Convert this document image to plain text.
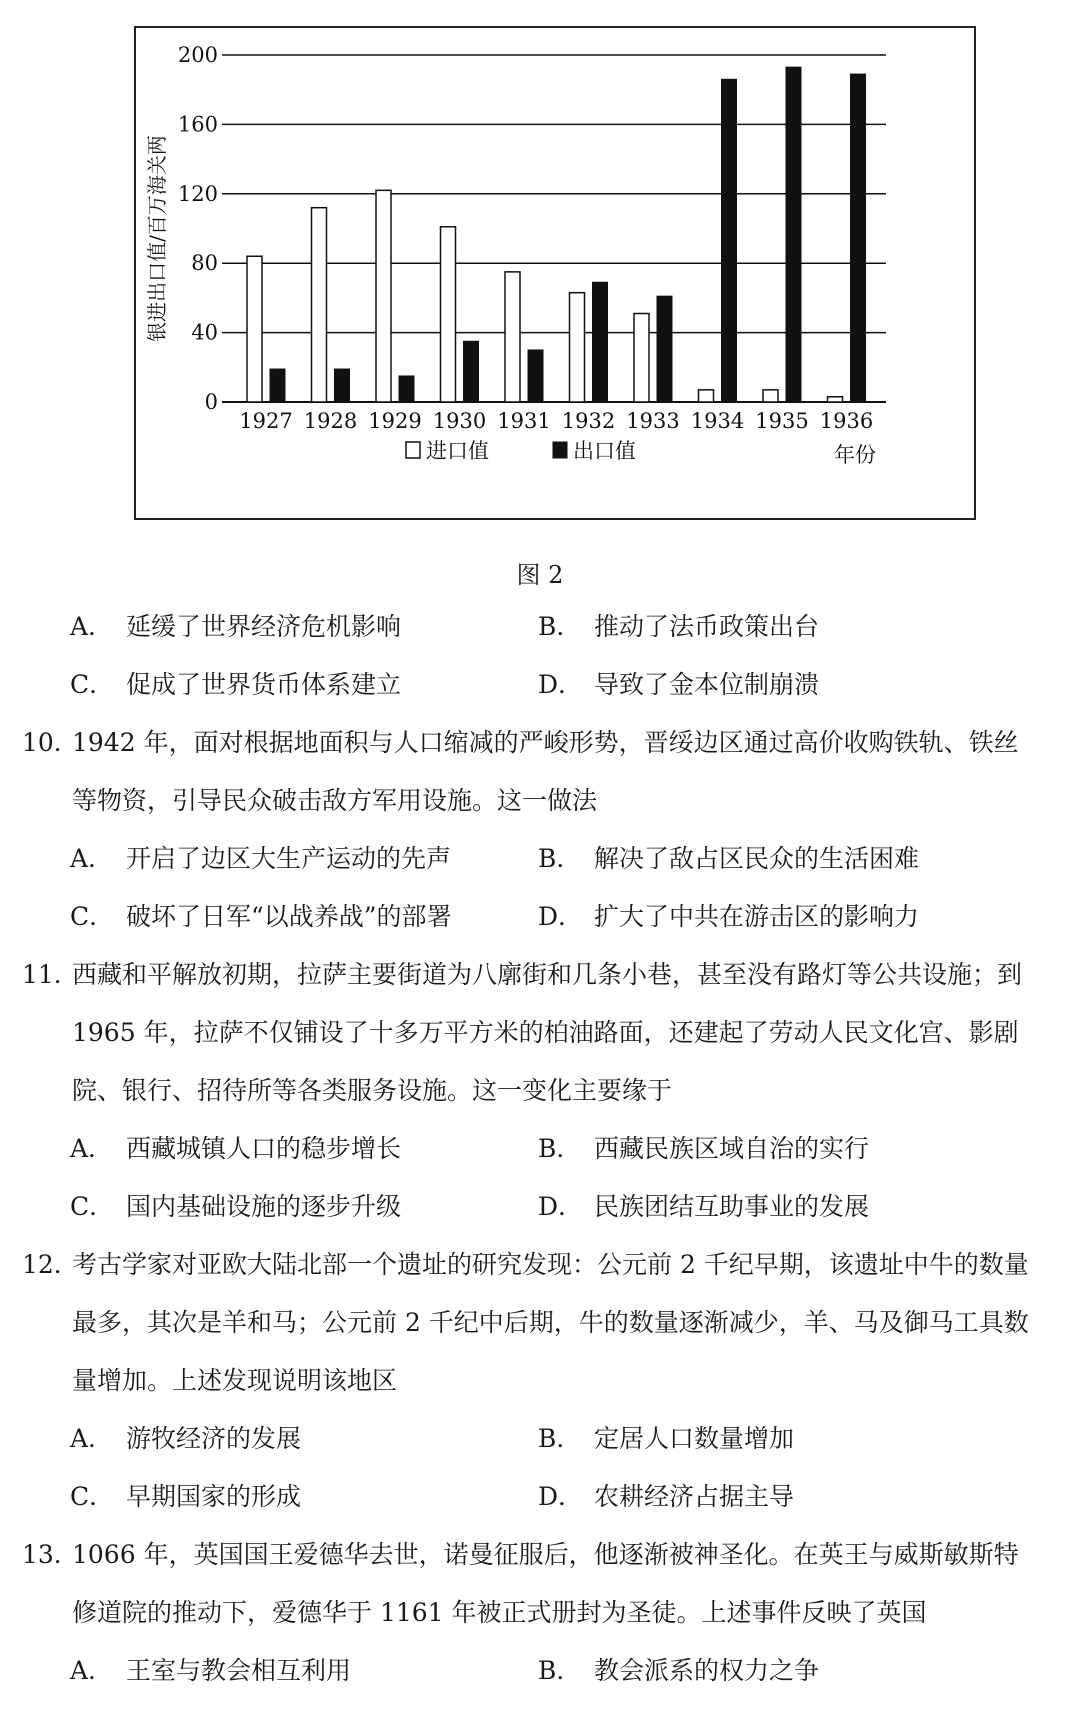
0
40
80
120
160
200
银进出口值/百万海关两
1927 1928 1929 1930 1931 1932 1933 1934 1935 1936
进口值	出口值	年份
图 2
A． 延缓了世界经济危机影响	B． 推动了法币政策出台
C． 促成了世界货币体系建立	D． 导致了金本位制崩溃
10．1942 年，面对根据地面积与人口缩减的严峻形势，晋绥边区通过高价收购铁轨、铁丝
等物资，引导民众破击敌方军用设施。这一做法
A． 开启了边区大生产运动的先声	B． 解决了敌占区民众的生活困难
C． 破坏了日军“以战养战”的部署	D． 扩大了中共在游击区的影响力
11．西藏和平解放初期，拉萨主要街道为八廓街和几条小巷，甚至没有路灯等公共设施；到
1965 年，拉萨不仅铺设了十多万平方米的柏油路面，还建起了劳动人民文化宫、影剧
院、银行、招待所等各类服务设施。这一变化主要缘于
A． 西藏城镇人口的稳步增长	B． 西藏民族区域自治的实行
C． 国内基础设施的逐步升级	D． 民族团结互助事业的发展
12．考古学家对亚欧大陆北部一个遗址的研究发现：公元前 2 千纪早期，该遗址中牛的数量
最多，其次是羊和马；公元前 2 千纪中后期，牛的数量逐渐减少，羊、马及御马工具数
量增加。上述发现说明该地区
A． 游牧经济的发展	B． 定居人口数量增加
C． 早期国家的形成	D． 农耕经济占据主导
13．1066 年，英国国王爱德华去世，诺曼征服后，他逐渐被神圣化。在英王与威斯敏斯特
修道院的推动下，爱德华于 1161 年被正式册封为圣徒。上述事件反映了英国
A． 王室与教会相互利用	B． 教会派系的权力之争
